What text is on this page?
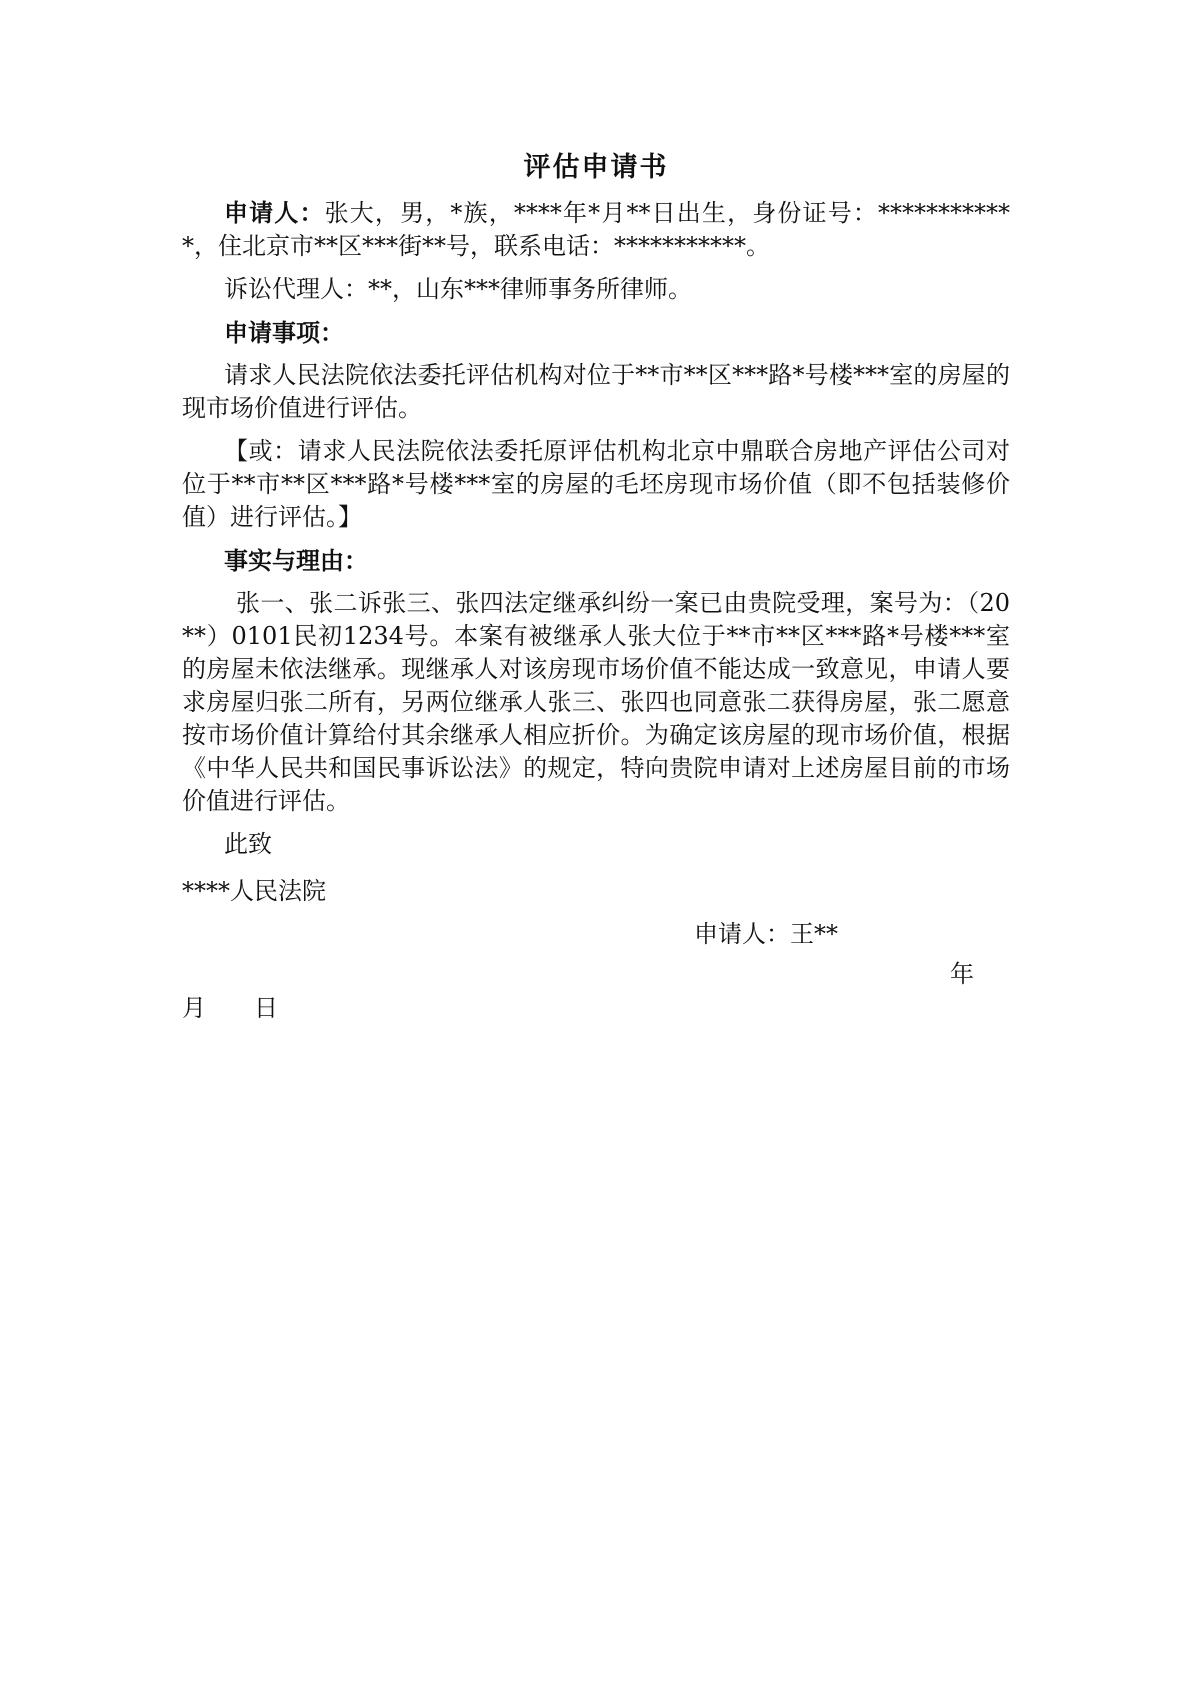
评估申请书

申请人：张大，男，*族，****年*月**日出生，身份证号：************，住北京市**区***街**号，联系电话：***********。

诉讼代理人：**，山东***律师事务所律师。

申请事项：

请求人民法院依法委托评估机构对位于**市**区***路*号楼***室的房屋的现市场价值进行评估。

【或：请求人民法院依法委托原评估机构北京中鼎联合房地产评估公司对位于**市**区***路*号楼***室的房屋的毛坯房现市场价值（即不包括装修价值）进行评估。】

事实与理由：

张一、张二诉张三、张四法定继承纠纷一案已由贵院受理，案号为：（20**）0101民初1234号。本案有被继承人张大位于**市**区***路*号楼***室的房屋未依法继承。现继承人对该房现市场价值不能达成一致意见，申请人要求房屋归张二所有，另两位继承人张三、张四也同意张二获得房屋，张二愿意按市场价值计算给付其余继承人相应折价。为确定该房屋的现市场价值，根据《中华人民共和国民事诉讼法》的规定，特向贵院申请对上述房屋目前的市场价值进行评估。

此致

****人民法院

申请人：王**
年
月　　日
